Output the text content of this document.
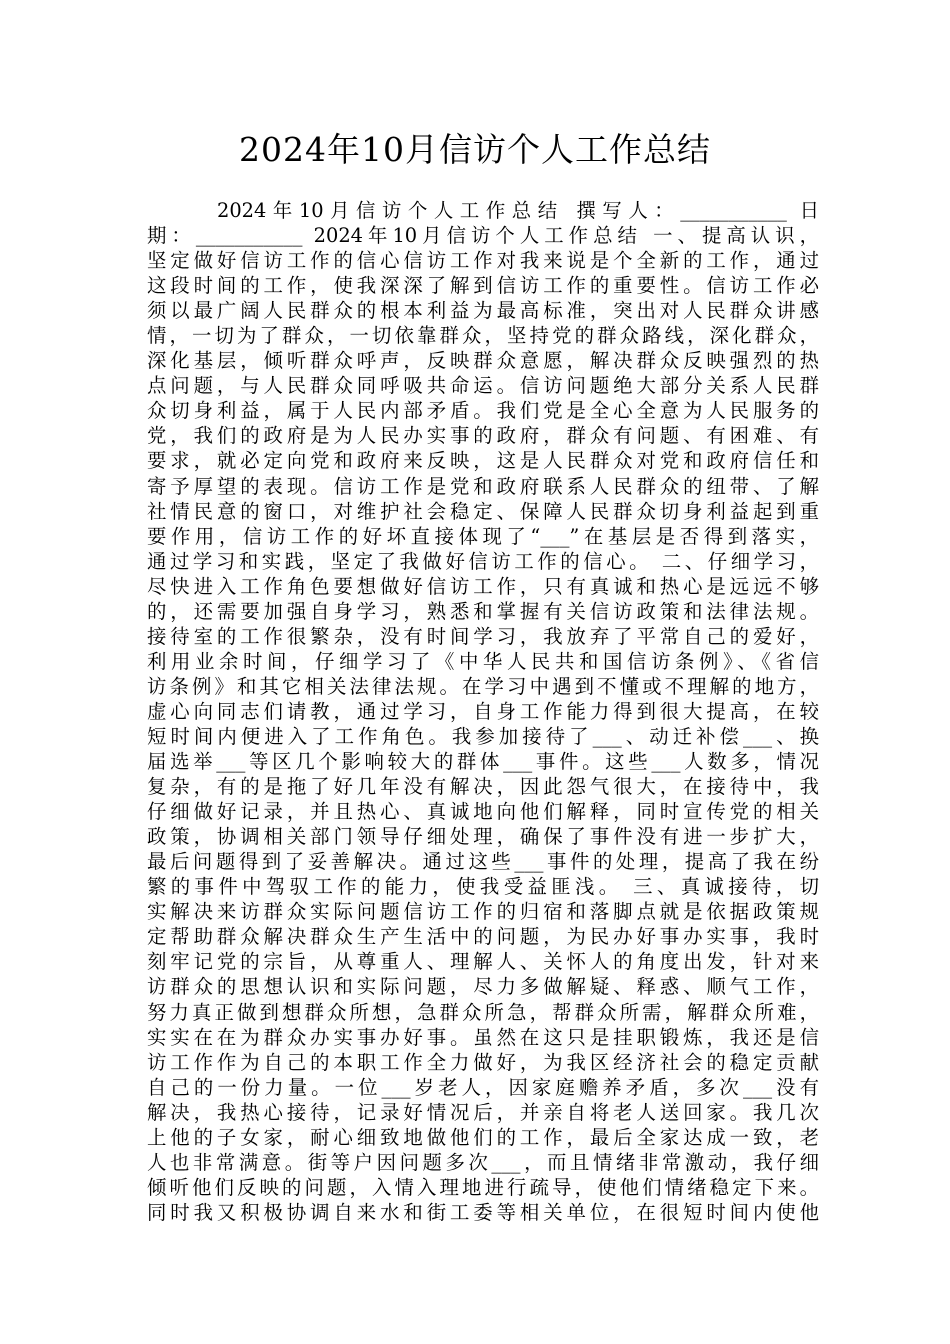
2024年10月信访个人工作总结
2024年10月信访个人工作总结 撰写人：___________ 日
期：___________ 2024年10月信访个人工作总结 一、提高认识，
坚定做好信访工作的信心信访工作对我来说是个全新的工作，通过
这段时间的工作，使我深深了解到信访工作的重要性。信访工作必
须以最广阔人民群众的根本利益为最高标准，突出对人民群众讲感
情，一切为了群众，一切依靠群众，坚持党的群众路线，深化群众，
深化基层，倾听群众呼声，反映群众意愿，解决群众反映强烈的热
点问题，与人民群众同呼吸共命运。信访问题绝大部分关系人民群
众切身利益，属于人民内部矛盾。我们党是全心全意为人民服务的
党，我们的政府是为人民办实事的政府，群众有问题、有困难、有
要求，就必定向党和政府来反映，这是人民群众对党和政府信任和
寄予厚望的表现。信访工作是党和政府联系人民群众的纽带、了解
社情民意的窗口，对维护社会稳定、保障人民群众切身利益起到重
要作用，信访工作的好坏直接体现了“___”在基层是否得到落实，
通过学习和实践，坚定了我做好信访工作的信心。 二、仔细学习，
尽快进入工作角色要想做好信访工作，只有真诚和热心是远远不够
的，还需要加强自身学习，熟悉和掌握有关信访政策和法律法规。
接待室的工作很繁杂，没有时间学习，我放弃了平常自己的爱好，
利用业余时间，仔细学习了《中华人民共和国信访条例》、《省信
访条例》和其它相关法律法规。在学习中遇到不懂或不理解的地方，
虚心向同志们请教，通过学习，自身工作能力得到很大提高，在较
短时间内便进入了工作角色。我参加接待了___、动迁补偿___、换
届选举___等区几个影响较大的群体___事件。这些___人数多，情况
复杂，有的是拖了好几年没有解决，因此怨气很大，在接待中，我
仔细做好记录，并且热心、真诚地向他们解释，同时宣传党的相关
政策，协调相关部门领导仔细处理，确保了事件没有进一步扩大，
最后问题得到了妥善解决。通过这些___事件的处理，提高了我在纷
繁的事件中驾驭工作的能力，使我受益匪浅。 三、真诚接待，切
实解决来访群众实际问题信访工作的归宿和落脚点就是依据政策规
定帮助群众解决群众生产生活中的问题，为民办好事办实事，我时
刻牢记党的宗旨，从尊重人、理解人、关怀人的角度出发，针对来
访群众的思想认识和实际问题，尽力多做解疑、释惑、顺气工作，
努力真正做到想群众所想，急群众所急，帮群众所需，解群众所难，
实实在在为群众办实事办好事。虽然在这只是挂职锻炼，我还是信
访工作作为自己的本职工作全力做好，为我区经济社会的稳定贡献
自己的一份力量。一位___岁老人，因家庭赡养矛盾，多次___没有
解决，我热心接待，记录好情况后，并亲自将老人送回家。我几次
上他的子女家，耐心细致地做他们的工作，最后全家达成一致，老
人也非常满意。街等户因问题多次___，而且情绪非常激动，我仔细
倾听他们反映的问题，入情入理地进行疏导，使他们情绪稳定下来。
同时我又积极协调自来水和街工委等相关单位，在很短时间内使他
